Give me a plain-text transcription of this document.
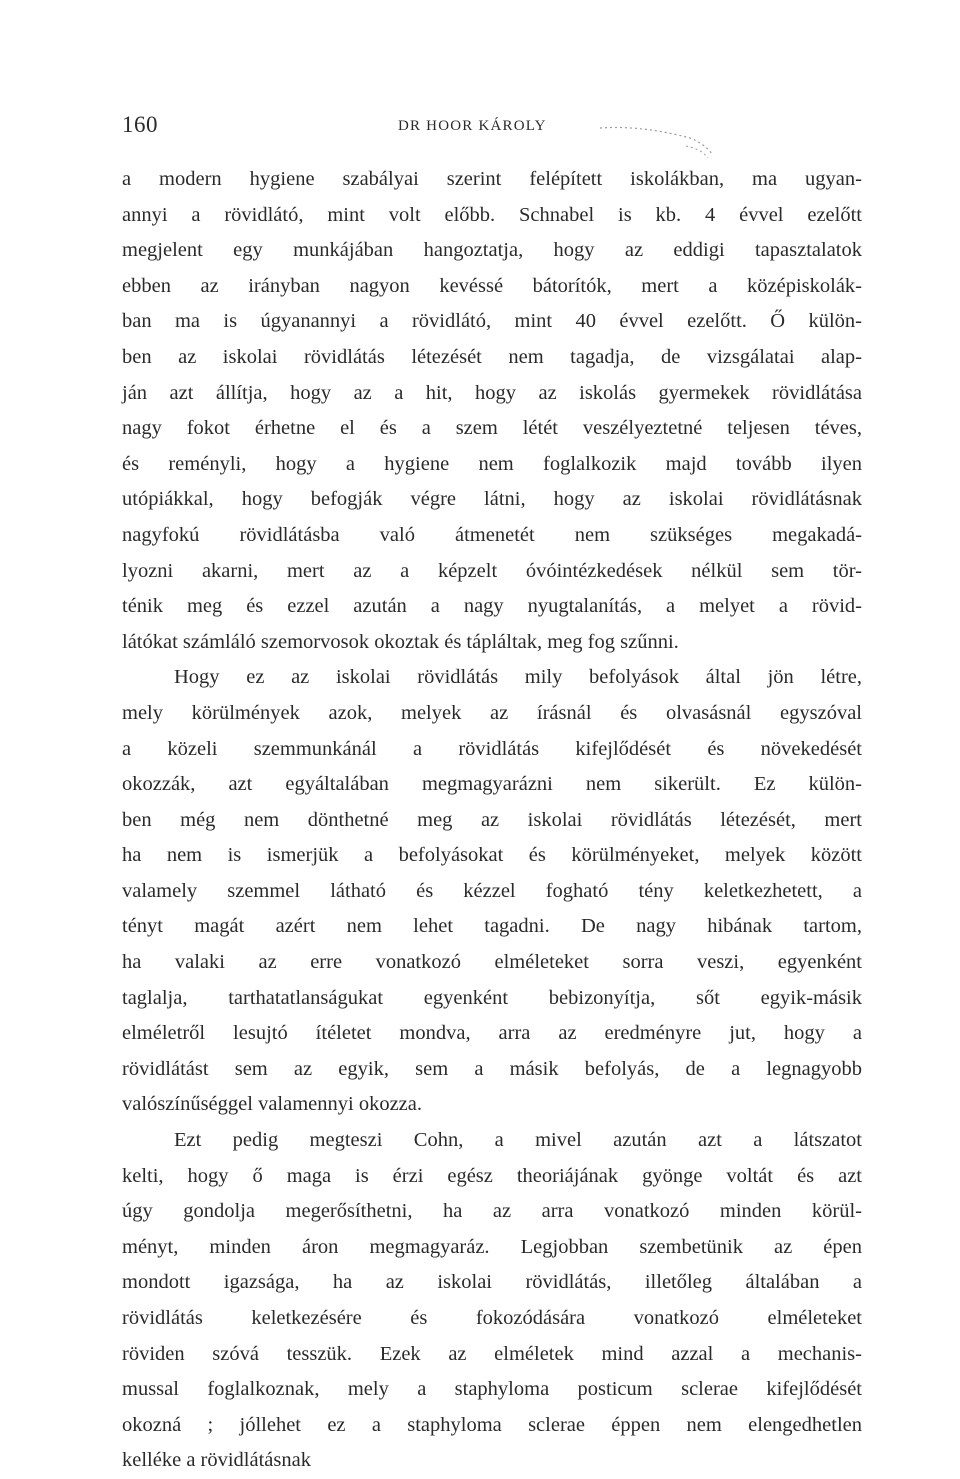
160	DR HOOR KÁROLY
a modern hygiene szabályai szerint felépített iskolákban, ma ugyan-
annyi a rövidlátó, mint volt előbb. Schnabel is kb. 4 évvel ezelőtt
megjelent egy munkájában hangoztatja, hogy az eddigi tapasztalatok
ebben az irányban nagyon kevéssé bátorítók, mert a középiskolák-
ban ma is úgyanannyi a rövidlátó, mint 40 évvel ezelőtt. Ő külön-
ben az iskolai rövidlátás létezését nem tagadja, de vizsgálatai alap-
ján azt állítja, hogy az a hit, hogy az iskolás gyermekek rövidlátása
nagy fokot érhetne el és a szem létét veszélyeztetné teljesen téves,
és reményli, hogy a hygiene nem foglalkozik majd tovább ilyen
utópiákkal, hogy befogják végre látni, hogy az iskolai rövidlátásnak
nagyfokú rövidlátásba való átmenetét nem szükséges megakadá-
lyozni akarni, mert az a képzelt óvóintézkedések nélkül sem tör-
ténik meg és ezzel azután a nagy nyugtalanítás, a melyet a rövid-
látókat számláló szemorvosok okoztak és tápláltak, meg fog szűnni.
Hogy ez az iskolai rövidlátás mily befolyások által jön létre,
mely körülmények azok, melyek az írásnál és olvasásnál egyszóval
a közeli szemmunkánál a rövidlátás kifejlődését és növekedését
okozzák, azt egyáltalában megmagyarázni nem sikerült. Ez külön-
ben még nem dönthetné meg az iskolai rövidlátás létezését, mert
ha nem is ismerjük a befolyásokat és körülményeket, melyek között
valamely szemmel látható és kézzel fogható tény keletkezhetett, a
tényt magát azért nem lehet tagadni. De nagy hibának tartom,
ha valaki az erre vonatkozó elméleteket sorra veszi, egyenként
taglalja, tarthatatlanságukat egyenként bebizonyítja, sőt egyik-másik
elméletről lesujtó ítéletet mondva, arra az eredményre jut, hogy a
rövidlátást sem az egyik, sem a másik befolyás, de a legnagyobb
valószínűséggel valamennyi okozza.
Ezt pedig megteszi Cohn, a mivel azután azt a látszatot
kelti, hogy ő maga is érzi egész theoriájának gyönge voltát és azt
úgy gondolja megerősíthetni, ha az arra vonatkozó minden körül-
ményt, minden áron megmagyaráz. Legjobban szembetünik az épen
mondott igazsága, ha az iskolai rövidlátás, illetőleg általában a
rövidlátás keletkezésére és fokozódására vonatkozó elméleteket
röviden szóvá tesszük. Ezek az elméletek mind azzal a mechanis-
mussal foglalkoznak, mely a staphyloma posticum sclerae kifejlődését
okozná ; jóllehet ez a staphyloma sclerae éppen nem elengedhetlen
kelléke a rövidlátásnak
